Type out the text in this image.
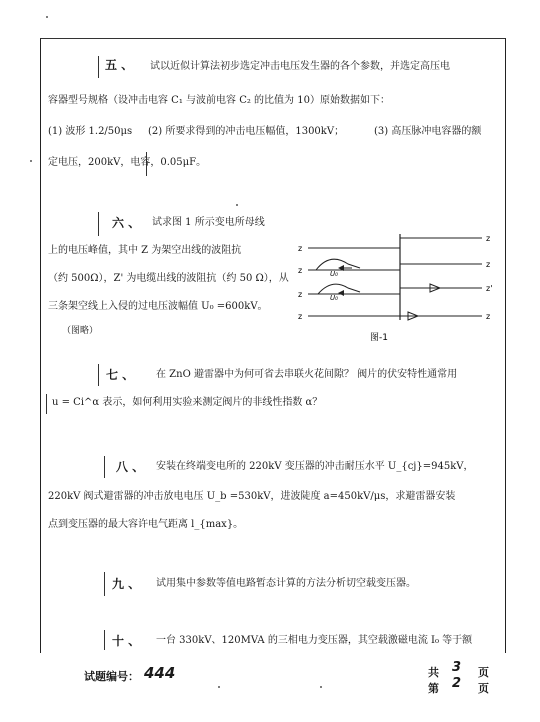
五 、 试以近似计算法初步选定冲击电压发生器的各个参数，并选定高压电
容器型号规格（设冲击电容 C₁ 与波前电容 C₂ 的比值为 10）原始数据如下：
(1) 波形 1.2/50μs (2) 所要求得到的冲击电压幅值，1300kV；	(3) 高压脉冲电容器的额
定电压，200kV，电容，0.05μF。
六 、 试求图 1 所示变电所母线
上的电压峰值，其中 Z 为架空出线的波阻抗
（约 500Ω），Z' 为电缆出线的波阻抗（约 50 Ω），从
三条架空线上入侵的过电压波幅值 U₀ =600kV。
（图略）
z
z
z
z
z
z
z'
z
U₀
U₀
图-1
七 、 在 ZnO 避雷器中为何可省去串联火花间隙？ 阀片的伏安特性通常用
u = Ci^α 表示，如何利用实验来测定阀片的非线性指数 α？
八 、 安装在终端变电所的 220kV 变压器的冲击耐压水平 U_{cj}=945kV，
220kV 阀式避雷器的冲击放电电压 U_b =530kV，进波陡度 a=450kV/μs，求避雷器安装
点到变压器的最大容许电气距离 l_{max}。
九 、 试用集中参数等值电路暂态计算的方法分析切空载变压器。
十 、 一台 330kV、120MVA 的三相电力变压器，其空载激磁电流 I₀ 等于额
试题编号： 444	共 3 页
第 2 页
